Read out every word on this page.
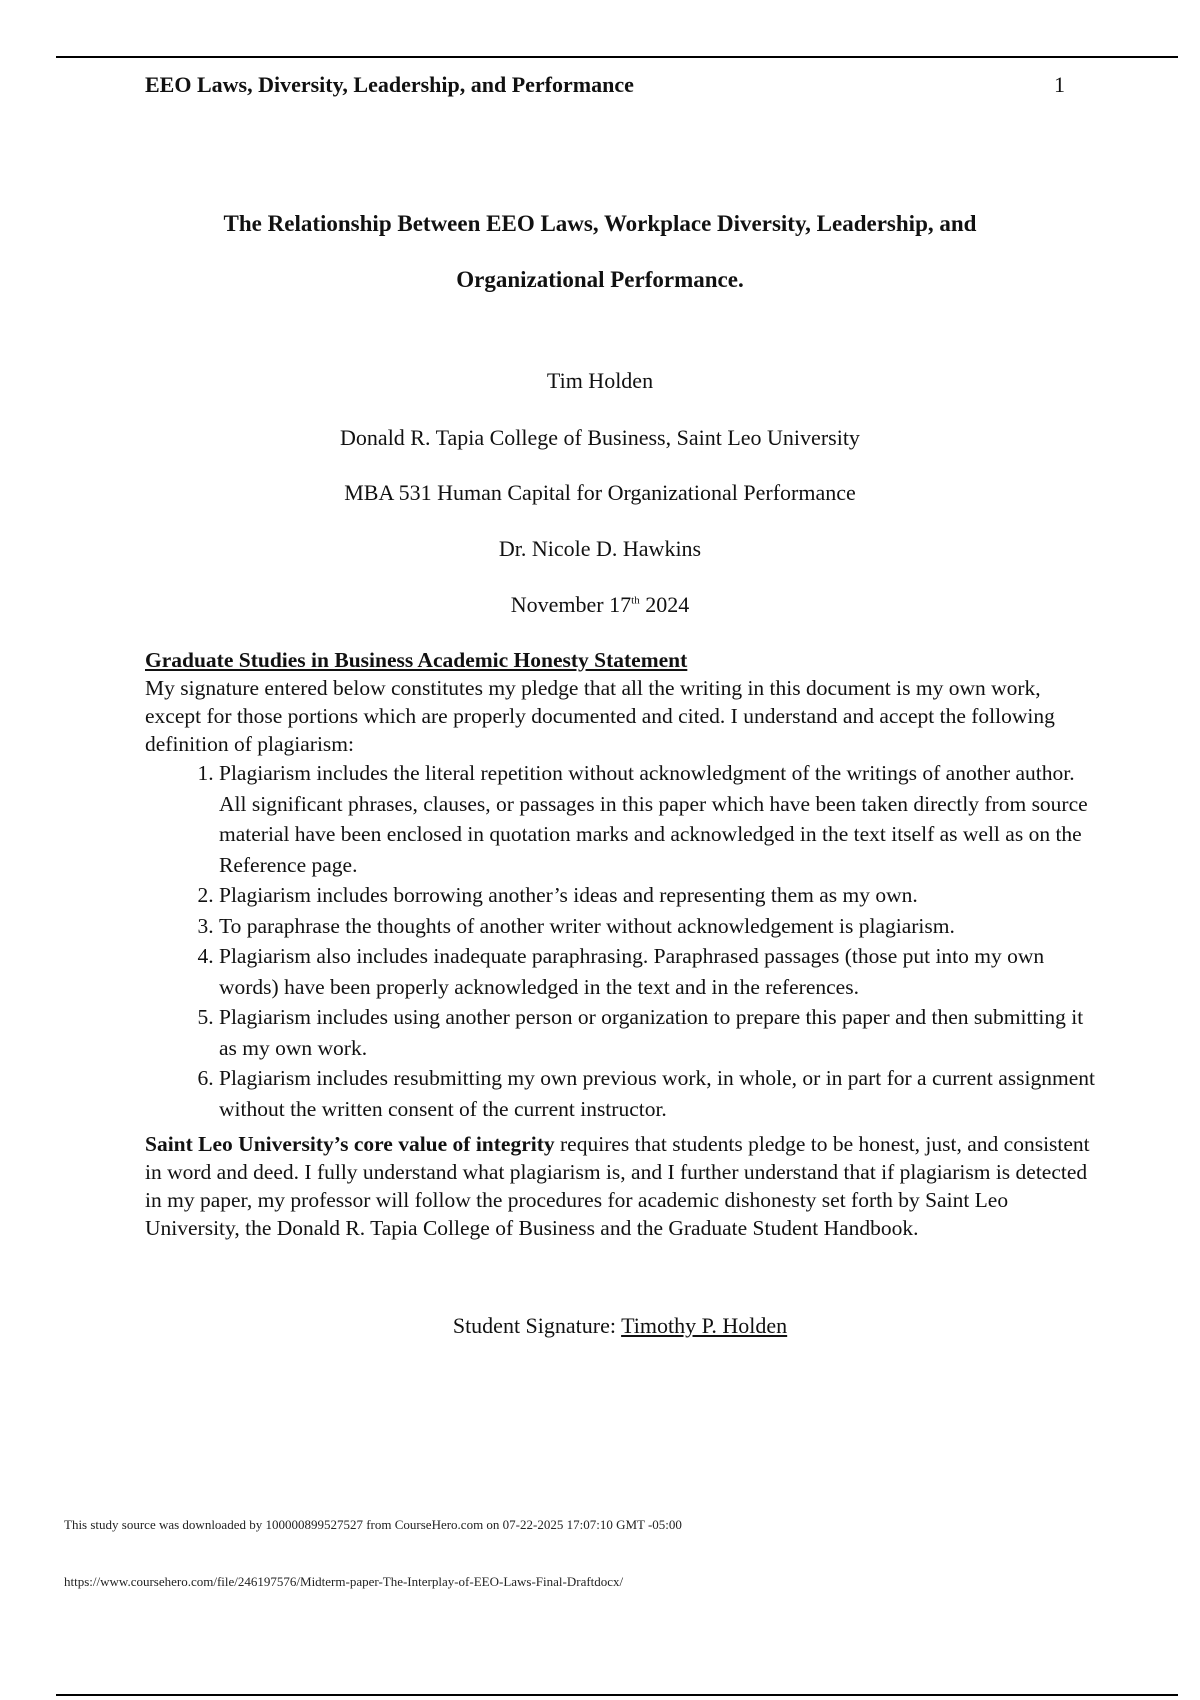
EEO Laws, Diversity, Leadership, and Performance	1
The Relationship Between EEO Laws, Workplace Diversity, Leadership, and
Organizational Performance.
Tim Holden
Donald R. Tapia College of Business, Saint Leo University
MBA 531 Human Capital for Organizational Performance
Dr. Nicole D. Hawkins
November 17th 2024

Graduate Studies in Business Academic Honesty Statement

My signature entered below constitutes my pledge that all the writing in this document is my own work, except for those portions which are properly documented and cited. I understand and accept the following definition of plagiarism:

1. Plagiarism includes the literal repetition without acknowledgment of the writings of another author. All significant phrases, clauses, or passages in this paper which have been taken directly from source material have been enclosed in quotation marks and acknowledged in the text itself as well as on the Reference page.
2. Plagiarism includes borrowing another’s ideas and representing them as my own.
3. To paraphrase the thoughts of another writer without acknowledgement is plagiarism.
4. Plagiarism also includes inadequate paraphrasing. Paraphrased passages (those put into my own words) have been properly acknowledged in the text and in the references.
5. Plagiarism includes using another person or organization to prepare this paper and then submitting it as my own work.
6. Plagiarism includes resubmitting my own previous work, in whole, or in part for a current assignment without the written consent of the current instructor.

Saint Leo University’s core value of integrity requires that students pledge to be honest, just, and consistent in word and deed. I fully understand what plagiarism is, and I further understand that if plagiarism is detected in my paper, my professor will follow the procedures for academic dishonesty set forth by Saint Leo University, the Donald R. Tapia College of Business and the Graduate Student Handbook.

Student Signature: Timothy P. Holden
This study source was downloaded by 100000899527527 from CourseHero.com on 07-22-2025 17:07:10 GMT -05:00
https://www.coursehero.com/file/246197576/Midterm-paper-The-Interplay-of-EEO-Laws-Final-Draftdocx/
